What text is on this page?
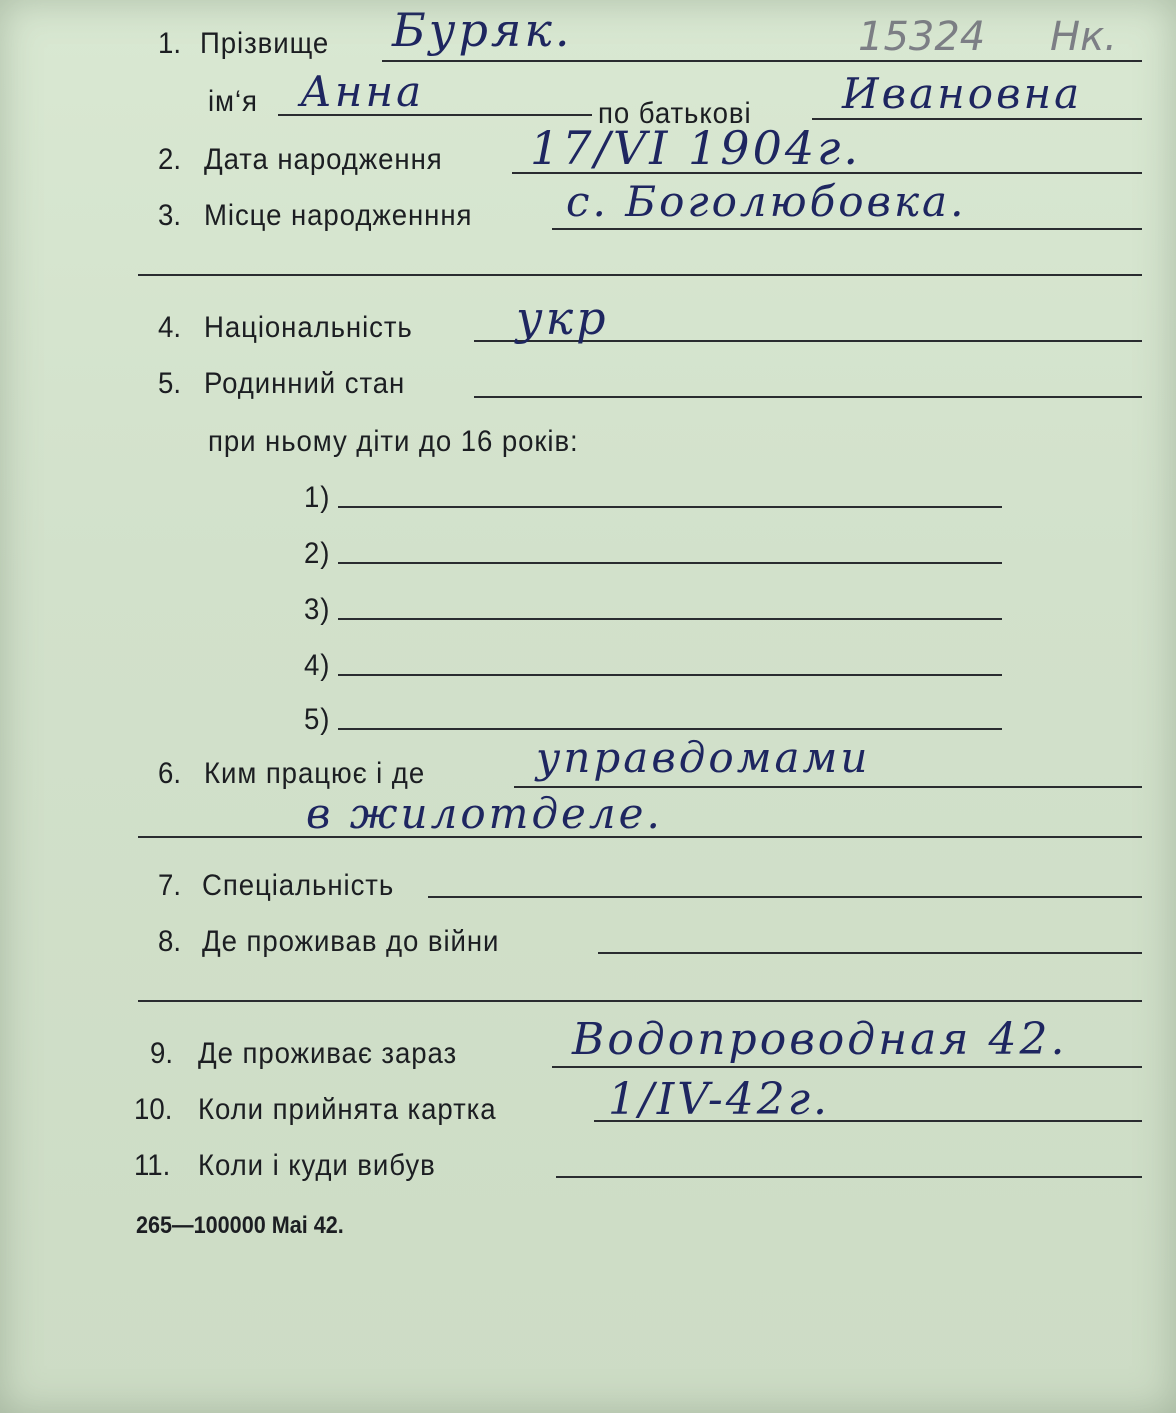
1. Прізвище Буряк.	15324 Нк.
ім‘я Анна	по батькові Ивановна
2. Дата народження 17/VI 1904г.
3. Місце народженння с. Боголюбовка.
4. Національність укр
5. Родинний стан
при ньому діти до 16 років:
1)
2)
3)
4)
5)
6. Ким працює і де	управдомами
в жилотделе.
7. Спеціальність
8. Де проживав до війни
9. Де проживає зараз	Водопроводная 42.
10. Коли прийнята картка	1/IV-42г.
11. Коли і куди вибув
265—100000 Mai 42.
